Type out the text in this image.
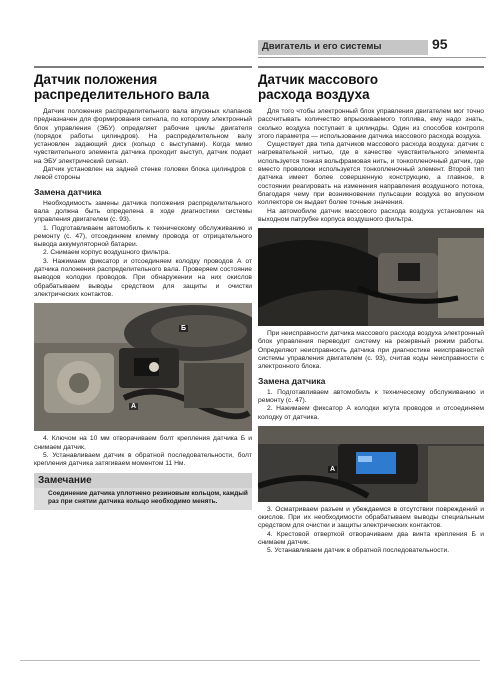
Двигатель и его системы	95
Датчик положения
распределительного вала

Датчик положения распределительного вала впускных клапанов предназначен для формирования сигнала, по которому электронный блок управления (ЭБУ) определяет рабочие циклы двигателя (порядок работы цилиндров). На распределительном валу установлен задающий диск (кольцо с выступами). Когда мимо чувствительного элемента датчика проходит выступ, датчик подает на ЭБУ электрический сигнал.

Датчик установлен на задней стенке головки блока цилиндров с левой стороны

Замена датчика

Необходимость замены датчика положения распределительного вала должна быть определена в ходе диагностики системы управления двигателем (с. 93).

1. Подготавливаем автомобиль к техническому обслуживанию и ремонту (с. 47), отсоединяем клемму провода от отрицательного вывода аккумуляторной батареи.

2. Снимаем корпус воздушного фильтра.

3. Нажимаем фиксатор и отсоединяем колодку проводов А от датчика положения распределительного вала. Проверяем состояние выводов колодки проводов. При обнаружении на них окислов обрабатываем выводы средством для защиты и очистки электрических контактов.

А
Б

4. Ключом на 10 мм отворачиваем болт крепления датчика Б и снимаем датчик.

5. Устанавливаем датчик в обратной последовательности, болт крепления датчика затягиваем моментом 11 Нм.

Замечание
Соединение датчика уплотнено резиновым кольцом, каждый раз при снятии датчика кольцо необходимо менять.
Датчик массового
расхода воздуха

Для того чтобы электронный блок управления двигателем мог точно рассчитывать количество впрыскиваемого топлива, ему надо знать, сколько воздуха поступает в цилиндры. Один из способов контроля этого параметра — использование датчика массового расхода воздуха.

Существует два типа датчиков массового расхода воздуха: датчик с нагревательной нитью, где в качестве чувствительного элемента используется тонкая вольфрамовая нить, и тонкопленочный датчик, где вместо проволоки используется тонкопленочный элемент. Второй тип датчика имеет более совершенную конструкцию, а главное, в состоянии реагировать на изменения направления воздушного потока, благодаря чему при возникновении пульсации воздуха во впускном коллекторе он выдает более точные значения.

На автомобиле датчик массового расхода воздуха установлен на выходном патрубке корпуса воздушного фильтра.

При неисправности датчика массового расхода воздуха электронный блок управления переводит систему на резервный режим работы. Определяют неисправность датчика при диагностике неисправностей системы управления двигателем (с. 93), считав коды неисправности с электронного блока.

Замена датчика

1. Подготавливаем автомобиль к техническому обслуживанию и ремонту (с. 47).

2. Нажимаем фиксатор А колодки жгута проводов и отсоединяем колодку от датчика.

А

3. Осматриваем разъем и убеждаемся в отсутствии повреждений и окислов. При их необходимости обрабатываем выводы специальным средством для очистки и защиты электрических контактов.

4. Крестовой отверткой отворачиваем два винта крепления Б и снимаем датчик.

5. Устанавливаем датчик в обратной последовательности.
